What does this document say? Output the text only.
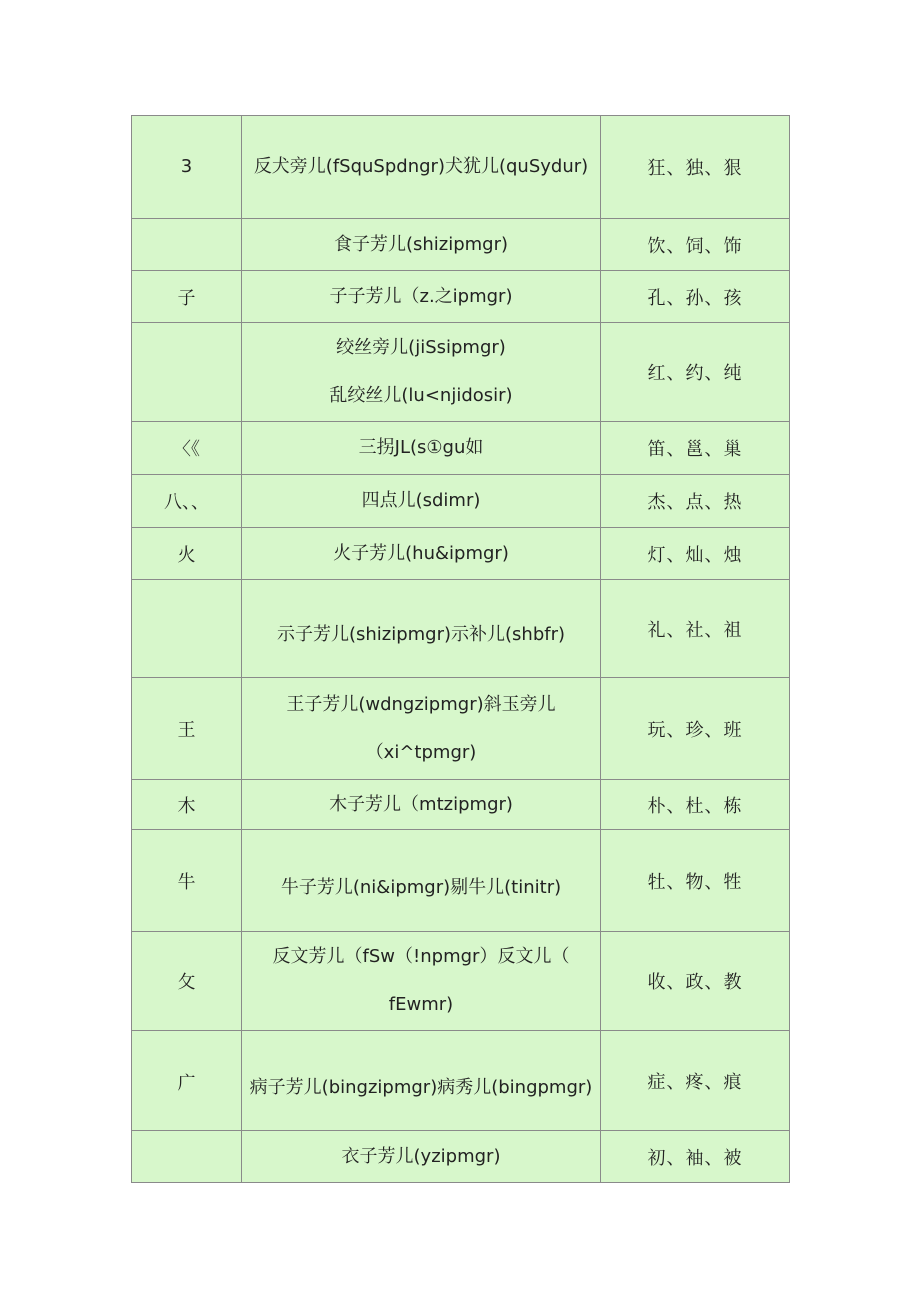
3	反犬旁儿(fSquSpdngr)犬犹儿(quSydur)	狂、独、狠

	食子芳儿(shizipmgr)	饮、饲、饰
子	子子芳儿（z.之ipmgr)	孔、孙、孩

	绞丝旁儿(jiSsipmgr)
乱绞丝儿(lu<njidosir)	红、约、纯
〈《	三拐JL(s①gu如	笛、邕、巢
八、、	四点儿(sdimr)	杰、点、热
火	火子芳儿(hu&ipmgr)	灯、灿、烛

	示子芳儿(shizipmgr)示补儿(shbfr)	礼、社、祖
王	王子芳儿(wdngzipmgr)斜玉旁儿
（xi^tpmgr)	玩、珍、班
木	木子芳儿（mtzipmgr)	朴、杜、栋
牛	牛子芳儿(ni&ipmgr)剔牛儿(tinitr)	牡、物、牲
攵	反文芳儿（fSw（!npmgr）反文儿（
fEwmr)	收、政、教
广	病子芳儿(bingzipmgr)病秀儿(bingpmgr)	症、疼、痕

	衣子芳儿(yzipmgr)	初、袖、被
